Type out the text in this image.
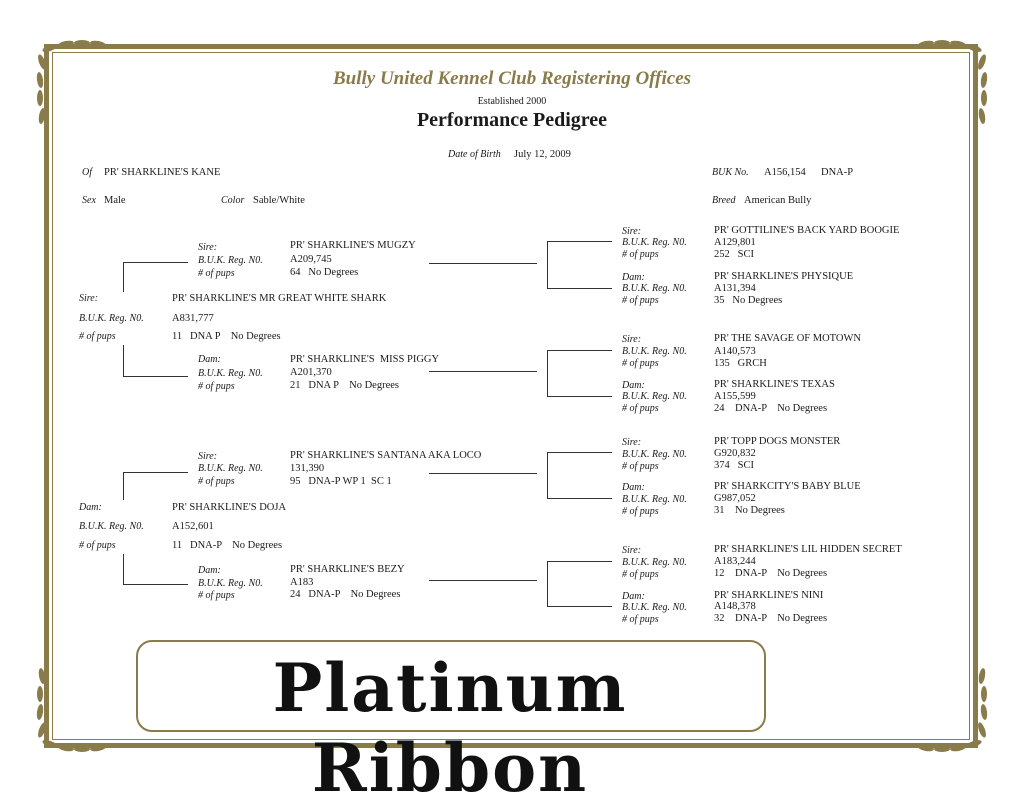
Bully United Kennel Club Registering Offices
Established 2000
Performance Pedigree
Date of Birth July 12, 2009
Of PR' SHARKLINE'S KANE	BUK No. A156,154 DNA-P
Sex Male	Color Sable/White	Breed American Bully
Sire:	PR' SHARKLINE'S MR GREAT WHITE SHARK
B.U.K. Reg. N0.	A831,777
# of pups	11   DNA P    No Degrees
Dam:	PR' SHARKLINE'S DOJA
B.U.K. Reg. N0.	A152,601
# of pups	11   DNA-P    No Degrees
Sire:	PR' SHARKLINE'S MUGZY
B.U.K. Reg. N0.	A209,745
# of pups	64   No Degrees
Dam:	PR' SHARKLINE'S  MISS PIGGY
B.U.K. Reg. N0.	A201,370
# of pups	21   DNA P    No Degrees
Sire:	PR' SHARKLINE'S SANTANA AKA LOCO
B.U.K. Reg. N0.	131,390
# of pups	95   DNA-P WP 1  SC 1
Dam:	PR' SHARKLINE'S BEZY
B.U.K. Reg. N0.	A183
# of pups	24   DNA-P    No Degrees
Sire:	PR' GOTTILINE'S BACK YARD BOOGIE
B.U.K. Reg. N0.	A129,801
# of pups	252   SCI
Dam:	PR' SHARKLINE'S PHYSIQUE
B.U.K. Reg. N0.	A131,394
# of pups	35   No Degrees
Sire:	PR' THE SAVAGE OF MOTOWN
B.U.K. Reg. N0.	A140,573
# of pups	135   GRCH
Dam:	PR' SHARKLINE'S TEXAS
B.U.K. Reg. N0.	A155,599
# of pups	24    DNA-P    No Degrees
Sire:	PR' TOPP DOGS MONSTER
B.U.K. Reg. N0.	G920,832
# of pups	374   SCI
Dam:	PR' SHARKCITY'S BABY BLUE
B.U.K. Reg. N0.	G987,052
# of pups	31    No Degrees
Sire:	PR' SHARKLINE'S LIL HIDDEN SECRET
B.U.K. Reg. N0.	A183,244
# of pups	12    DNA-P    No Degrees
Dam:	PR' SHARKLINE'S NINI
B.U.K. Reg. N0.	A148,378
# of pups	32    DNA-P    No Degrees
Platinum Ribbon
